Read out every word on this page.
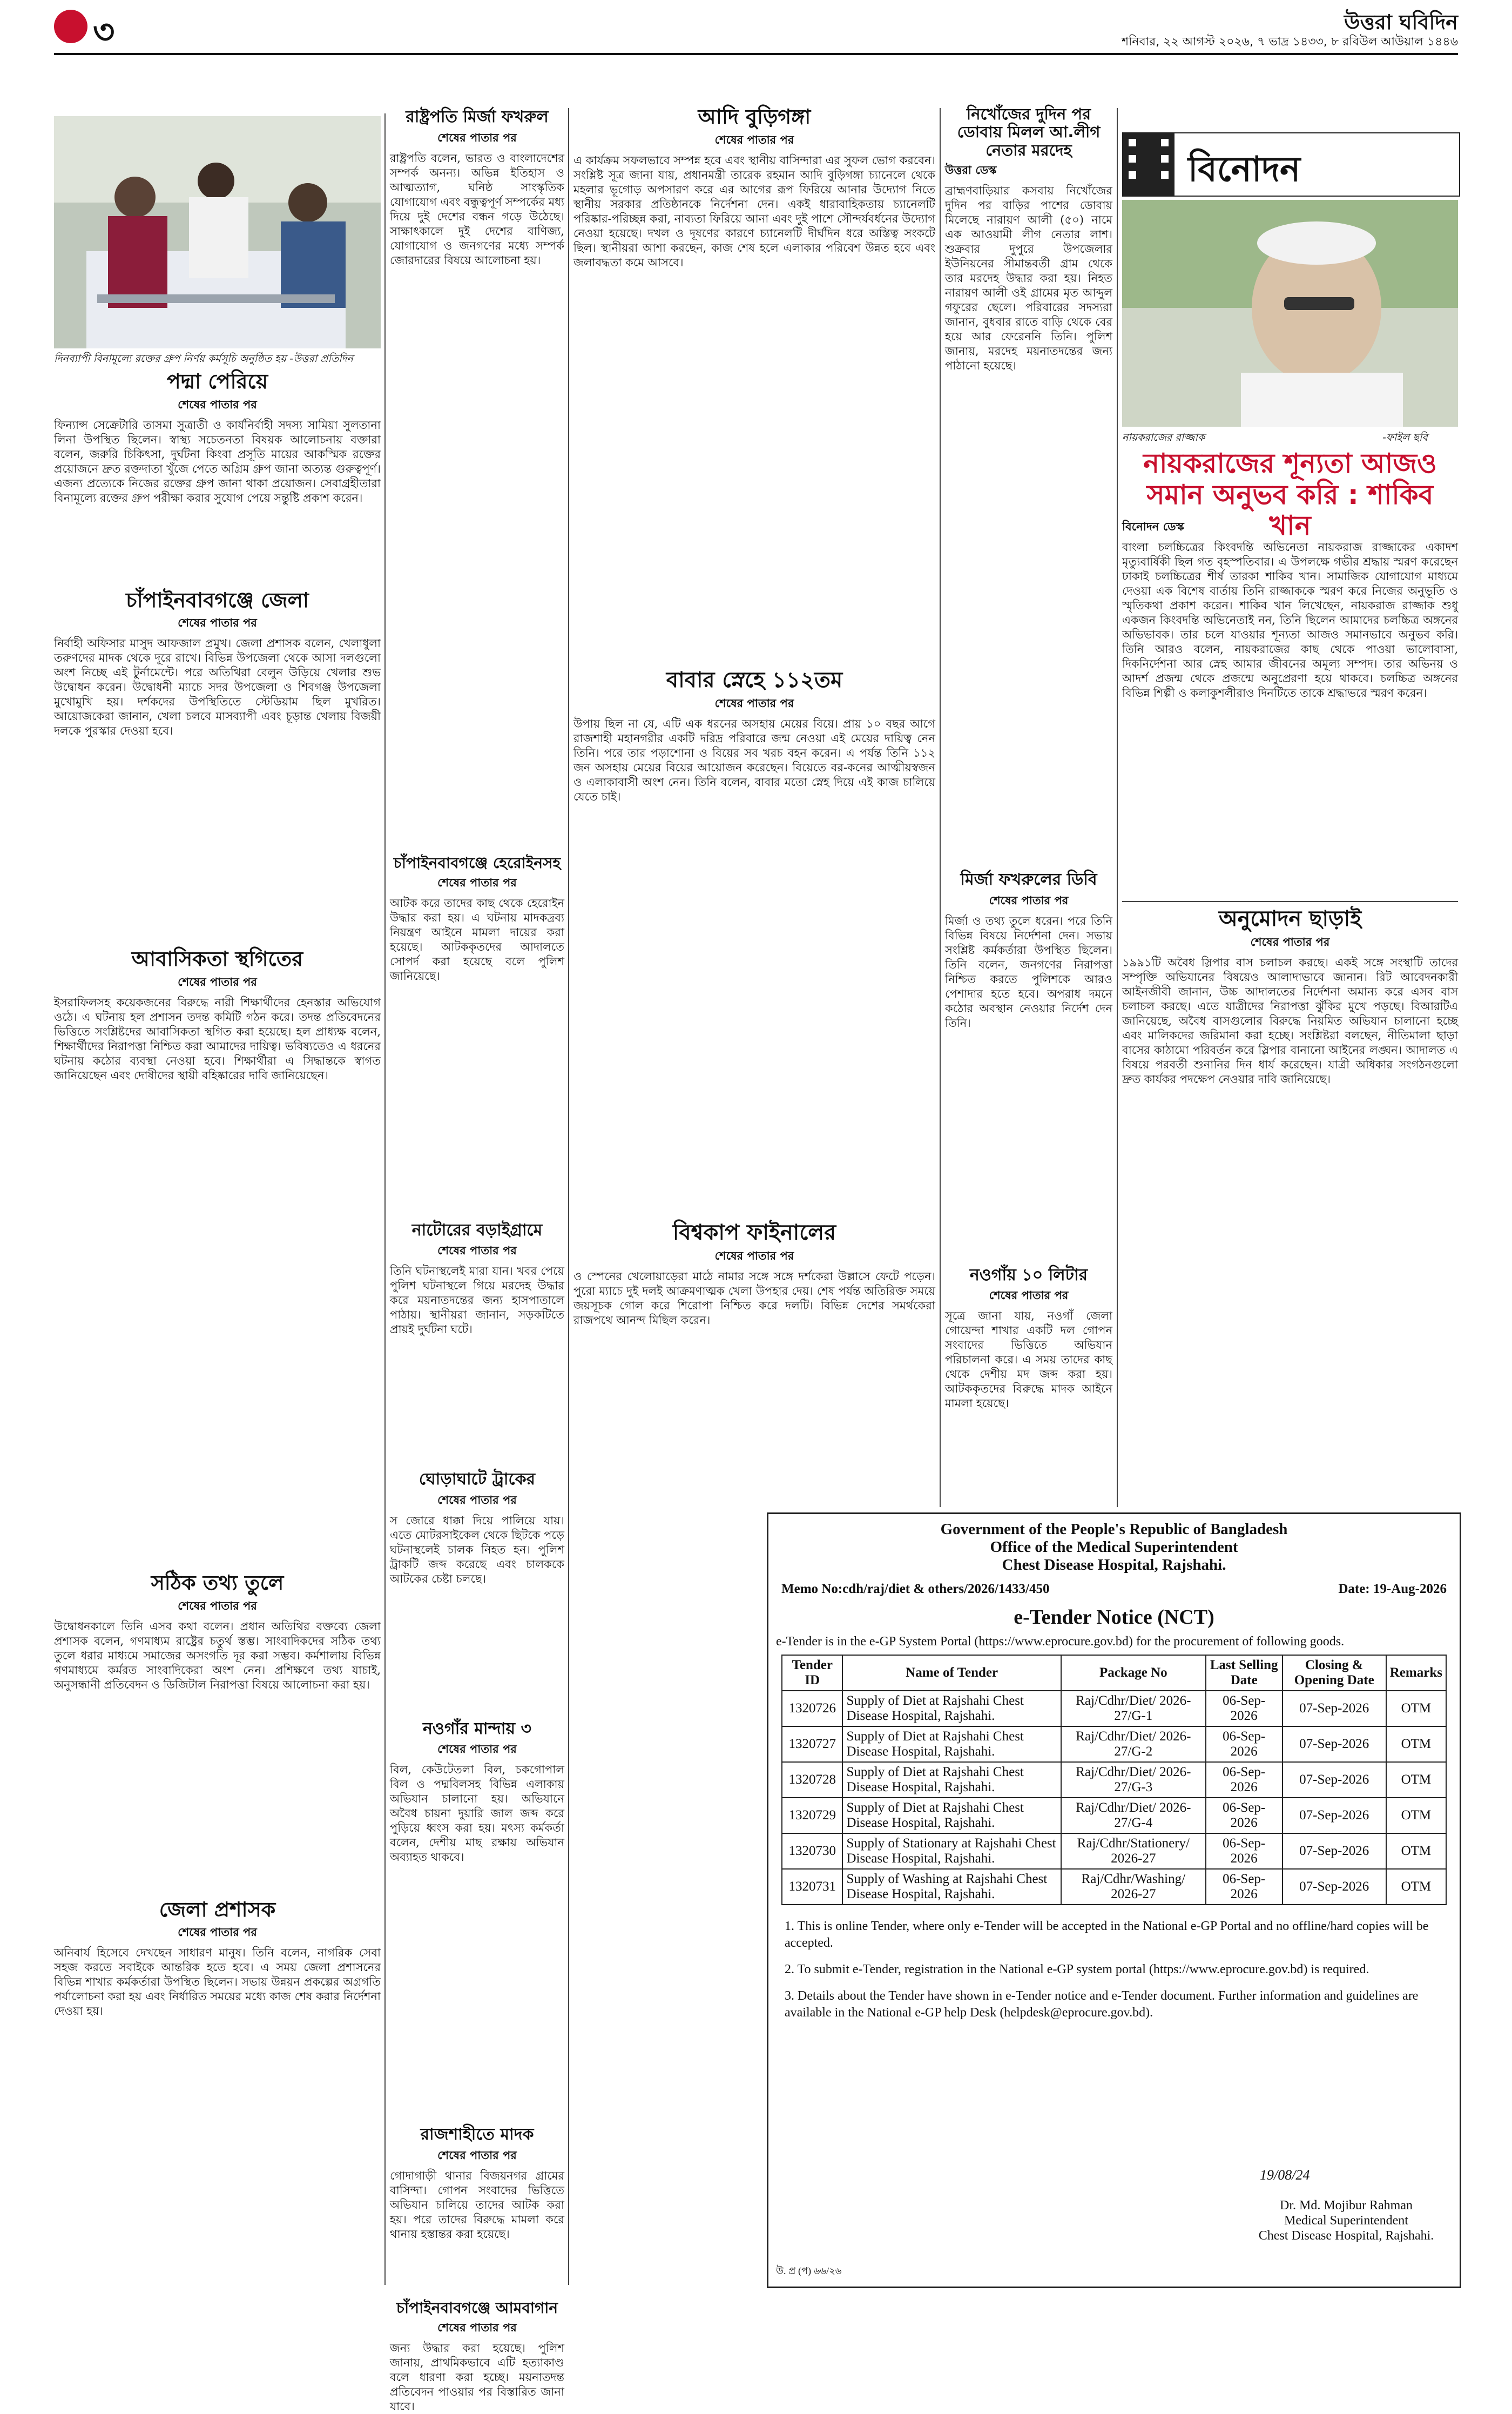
৩	উত্তরা ঘবিদিন
শনিবার, ২২ আগস্ট ২০২৬, ৭ ভাদ্র ১৪৩৩, ৮ রবিউল আউয়াল ১৪৪৬
দিনব্যাপী বিনামূল্যে রক্তের গ্রুপ নির্ণয় কর্মসূচি অনুষ্ঠিত হয় -উত্তরা প্রতিদিন
পদ্মা পেরিয়ে
শেষের পাতার পর
ফিন্যান্স সেক্রেটারি তাসমা সুত্রাতী ও কার্যনির্বাহী সদস্য সামিয়া সুলতানা লিনা উপস্থিত ছিলেন। স্বাস্থ্য সচেতনতা বিষয়ক আলোচনায় বক্তারা বলেন, জরুরি চিকিৎসা, দুর্ঘটনা কিংবা প্রসূতি মায়ের আকস্মিক রক্তের প্রয়োজনে দ্রুত রক্তদাতা খুঁজে পেতে অগ্রিম গ্রুপ জানা অত্যন্ত গুরুত্বপূর্ণ। এজন্য প্রত্যেকে নিজের রক্তের গ্রুপ জানা থাকা প্রয়োজন। সেবাগ্রহীতারা বিনামূল্যে রক্তের গ্রুপ পরীক্ষা করার সুযোগ পেয়ে সন্তুষ্টি প্রকাশ করেন।
চাঁপাইনবাবগঞ্জে জেলা
শেষের পাতার পর
নির্বাহী অফিসার মাসুদ আফজাল প্রমুখ। জেলা প্রশাসক বলেন, খেলাধুলা তরুণদের মাদক থেকে দূরে রাখে। বিভিন্ন উপজেলা থেকে আসা দলগুলো অংশ নিচ্ছে এই টুর্নামেন্টে। পরে অতিথিরা বেলুন উড়িয়ে খেলার শুভ উদ্বোধন করেন। উদ্বোধনী ম্যাচে সদর উপজেলা ও শিবগঞ্জ উপজেলা মুখোমুখি হয়। দর্শকদের উপস্থিতিতে স্টেডিয়াম ছিল মুখরিত। আয়োজকেরা জানান, খেলা চলবে মাসব্যাপী এবং চূড়ান্ত খেলায় বিজয়ী দলকে পুরস্কার দেওয়া হবে।
আবাসিকতা স্থগিতের
শেষের পাতার পর
ইসরাফিলসহ কয়েকজনের বিরুদ্ধে নারী শিক্ষার্থীদের হেনস্তার অভিযোগ ওঠে। এ ঘটনায় হল প্রশাসন তদন্ত কমিটি গঠন করে। তদন্ত প্রতিবেদনের ভিত্তিতে সংশ্লিষ্টদের আবাসিকতা স্থগিত করা হয়েছে। হল প্রাধ্যক্ষ বলেন, শিক্ষার্থীদের নিরাপত্তা নিশ্চিত করা আমাদের দায়িত্ব। ভবিষ্যতেও এ ধরনের ঘটনায় কঠোর ব্যবস্থা নেওয়া হবে। শিক্ষার্থীরা এ সিদ্ধান্তকে স্বাগত জানিয়েছেন এবং দোষীদের স্থায়ী বহিষ্কারের দাবি জানিয়েছেন।
সঠিক তথ্য তুলে
শেষের পাতার পর
উদ্বোধনকালে তিনি এসব কথা বলেন। প্রধান অতিথির বক্তব্যে জেলা প্রশাসক বলেন, গণমাধ্যম রাষ্ট্রের চতুর্থ স্তম্ভ। সাংবাদিকদের সঠিক তথ্য তুলে ধরার মাধ্যমে সমাজের অসংগতি দূর করা সম্ভব। কর্মশালায় বিভিন্ন গণমাধ্যমে কর্মরত সাংবাদিকেরা অংশ নেন। প্রশিক্ষণে তথ্য যাচাই, অনুসন্ধানী প্রতিবেদন ও ডিজিটাল নিরাপত্তা বিষয়ে আলোচনা করা হয়।
জেলা প্রশাসক
শেষের পাতার পর
অনিবার্য হিসেবে দেখছেন সাধারণ মানুষ। তিনি বলেন, নাগরিক সেবা সহজ করতে সবাইকে আন্তরিক হতে হবে। এ সময় জেলা প্রশাসনের বিভিন্ন শাখার কর্মকর্তারা উপস্থিত ছিলেন। সভায় উন্নয়ন প্রকল্পের অগ্রগতি পর্যালোচনা করা হয় এবং নির্ধারিত সময়ের মধ্যে কাজ শেষ করার নির্দেশনা দেওয়া হয়।
রাষ্ট্রপতি মির্জা ফখরুল
শেষের পাতার পর
রাষ্ট্রপতি বলেন, ভারত ও বাংলাদেশের সম্পর্ক অনন্য। অভিন্ন ইতিহাস ও আত্মত্যাগ, ঘনিষ্ঠ সাংস্কৃতিক যোগাযোগ এবং বন্ধুত্বপূর্ণ সম্পর্কের মধ্য দিয়ে দুই দেশের বন্ধন গড়ে উঠেছে। সাক্ষাৎকালে দুই দেশের বাণিজ্য, যোগাযোগ ও জনগণের মধ্যে সম্পর্ক জোরদারের বিষয়ে আলোচনা হয়।
চাঁপাইনবাবগঞ্জে হেরোইনসহ
শেষের পাতার পর
আটক করে তাদের কাছ থেকে হেরোইন উদ্ধার করা হয়। এ ঘটনায় মাদকদ্রব্য নিয়ন্ত্রণ আইনে মামলা দায়ের করা হয়েছে। আটককৃতদের আদালতে সোপর্দ করা হয়েছে বলে পুলিশ জানিয়েছে।
নাটোরের বড়াইগ্রামে
শেষের পাতার পর
তিনি ঘটনাস্থলেই মারা যান। খবর পেয়ে পুলিশ ঘটনাস্থলে গিয়ে মরদেহ উদ্ধার করে ময়নাতদন্তের জন্য হাসপাতালে পাঠায়। স্থানীয়রা জানান, সড়কটিতে প্রায়ই দুর্ঘটনা ঘটে।
ঘোড়াঘাটে ট্রাকের
শেষের পাতার পর
স জোরে ধাক্কা দিয়ে পালিয়ে যায়। এতে মোটরসাইকেল থেকে ছিটকে পড়ে ঘটনাস্থলেই চালক নিহত হন। পুলিশ ট্রাকটি জব্দ করেছে এবং চালককে আটকের চেষ্টা চলছে।
নওগাঁর মান্দায় ৩
শেষের পাতার পর
বিল, কেউটেতলা বিল, চকগোপাল বিল ও পদ্মবিলসহ বিভিন্ন এলাকায় অভিযান চালানো হয়। অভিযানে অবৈধ চায়না দুয়ারি জাল জব্দ করে পুড়িয়ে ধ্বংস করা হয়। মৎস্য কর্মকর্তা বলেন, দেশীয় মাছ রক্ষায় অভিযান অব্যাহত থাকবে।
রাজশাহীতে মাদক
শেষের পাতার পর
গোদাগাড়ী থানার বিজয়নগর গ্রামের বাসিন্দা। গোপন সংবাদের ভিত্তিতে অভিযান চালিয়ে তাদের আটক করা হয়। পরে তাদের বিরুদ্ধে মামলা করে থানায় হস্তান্তর করা হয়েছে।
চাঁপাইনবাবগঞ্জে আমবাগান
শেষের পাতার পর
জন্য উদ্ধার করা হয়েছে। পুলিশ জানায়, প্রাথমিকভাবে এটি হত্যাকাণ্ড বলে ধারণা করা হচ্ছে। ময়নাতদন্ত প্রতিবেদন পাওয়ার পর বিস্তারিত জানা যাবে।
আদি বুড়িগঙ্গা
শেষের পাতার পর
এ কার্যক্রম সফলভাবে সম্পন্ন হবে এবং স্থানীয় বাসিন্দারা এর সুফল ভোগ করবেন। সংশ্লিষ্ট সূত্র জানা যায়, প্রধানমন্ত্রী তারেক রহমান আদি বুড়িগঙ্গা চ্যানেলে থেকে মহলার ভূগোড় অপসারণ করে এর আগের রূপ ফিরিয়ে আনার উদ্যোগ নিতে স্থানীয় সরকার প্রতিষ্ঠানকে নির্দেশনা দেন। একই ধারাবাহিকতায় চ্যানেলটি পরিষ্কার-পরিচ্ছন্ন করা, নাব্যতা ফিরিয়ে আনা এবং দুই পাশে সৌন্দর্যবর্ধনের উদ্যোগ নেওয়া হয়েছে। দখল ও দূষণের কারণে চ্যানেলটি দীর্ঘদিন ধরে অস্তিত্ব সংকটে ছিল। স্থানীয়রা আশা করছেন, কাজ শেষ হলে এলাকার পরিবেশ উন্নত হবে এবং জলাবদ্ধতা কমে আসবে।
বাবার স্নেহে ১১২তম
শেষের পাতার পর
উপায় ছিল না যে, এটি এক ধরনের অসহায় মেয়ের বিয়ে। প্রায় ১০ বছর আগে রাজশাহী মহানগরীর একটি দরিদ্র পরিবারে জন্ম নেওয়া এই মেয়ের দায়িত্ব নেন তিনি। পরে তার পড়াশোনা ও বিয়ের সব খরচ বহন করেন। এ পর্যন্ত তিনি ১১২ জন অসহায় মেয়ের বিয়ের আয়োজন করেছেন। বিয়েতে বর-কনের আত্মীয়স্বজন ও এলাকাবাসী অংশ নেন। তিনি বলেন, বাবার মতো স্নেহ দিয়ে এই কাজ চালিয়ে যেতে চাই।
বিশ্বকাপ ফাইনালের
শেষের পাতার পর
ও স্পেনের খেলোয়াড়েরা মাঠে নামার সঙ্গে সঙ্গে দর্শকেরা উল্লাসে ফেটে পড়েন। পুরো ম্যাচে দুই দলই আক্রমণাত্মক খেলা উপহার দেয়। শেষ পর্যন্ত অতিরিক্ত সময়ে জয়সূচক গোল করে শিরোপা নিশ্চিত করে দলটি। বিভিন্ন দেশের সমর্থকেরা রাজপথে আনন্দ মিছিল করেন।
নিখোঁজের দুদিন পর ডোবায় মিলল আ.লীগ নেতার মরদেহ
উত্তরা ডেস্ক
ব্রাহ্মণবাড়িয়ার কসবায় নিখোঁজের দুদিন পর বাড়ির পাশের ডোবায় মিলেছে নারায়ণ আলী (৫০) নামে এক আওয়ামী লীগ নেতার লাশ। শুক্রবার দুপুরে উপজেলার ইউনিয়নের সীমান্তবর্তী গ্রাম থেকে তার মরদেহ উদ্ধার করা হয়। নিহত নারায়ণ আলী ওই গ্রামের মৃত আব্দুল গফুরের ছেলে। পরিবারের সদস্যরা জানান, বুধবার রাতে বাড়ি থেকে বের হয়ে আর ফেরেননি তিনি। পুলিশ জানায়, মরদেহ ময়নাতদন্তের জন্য পাঠানো হয়েছে।
মির্জা ফখরুলের ডিবি
শেষের পাতার পর
মির্জা ও তথ্য তুলে ধরেন। পরে তিনি বিভিন্ন বিষয়ে নির্দেশনা দেন। সভায় সংশ্লিষ্ট কর্মকর্তারা উপস্থিত ছিলেন। তিনি বলেন, জনগণের নিরাপত্তা নিশ্চিত করতে পুলিশকে আরও পেশাদার হতে হবে। অপরাধ দমনে কঠোর অবস্থান নেওয়ার নির্দেশ দেন তিনি।
নওগাঁয় ১০ লিটার
শেষের পাতার পর
সূত্রে জানা যায়, নওগাঁ জেলা গোয়েন্দা শাখার একটি দল গোপন সংবাদের ভিত্তিতে অভিযান পরিচালনা করে। এ সময় তাদের কাছ থেকে দেশীয় মদ জব্দ করা হয়। আটককৃতদের বিরুদ্ধে মাদক আইনে মামলা হয়েছে।
বিনোদন
নায়করাজের রাজ্জাক	-ফাইল ছবি
নায়করাজের শূন্যতা আজও সমান অনুভব করি : শাকিব খান
বিনোদন ডেস্ক
বাংলা চলচ্চিত্রের কিংবদন্তি অভিনেতা নায়করাজ রাজ্জাকের একাদশ মৃত্যুবার্ষিকী ছিল গত বৃহস্পতিবার। এ উপলক্ষে গভীর শ্রদ্ধায় স্মরণ করেছেন ঢাকাই চলচ্চিত্রের শীর্ষ তারকা শাকিব খান। সামাজিক যোগাযোগ মাধ্যমে দেওয়া এক বিশেষ বার্তায় তিনি রাজ্জাককে স্মরণ করে নিজের অনুভূতি ও স্মৃতিকথা প্রকাশ করেন। শাকিব খান লিখেছেন, নায়করাজ রাজ্জাক শুধু একজন কিংবদন্তি অভিনেতাই নন, তিনি ছিলেন আমাদের চলচ্চিত্র অঙ্গনের অভিভাবক। তার চলে যাওয়ার শূন্যতা আজও সমানভাবে অনুভব করি। তিনি আরও বলেন, নায়করাজের কাছ থেকে পাওয়া ভালোবাসা, দিকনির্দেশনা আর স্নেহ আমার জীবনের অমূল্য সম্পদ। তার অভিনয় ও আদর্শ প্রজন্ম থেকে প্রজন্মে অনুপ্রেরণা হয়ে থাকবে। চলচ্চিত্র অঙ্গনের বিভিন্ন শিল্পী ও কলাকুশলীরাও দিনটিতে তাকে শ্রদ্ধাভরে স্মরণ করেন।
অনুমোদন ছাড়াই
শেষের পাতার পর
১৯৯১টি অবৈধ স্লিপার বাস চলাচল করছে। একই সঙ্গে সংস্থাটি তাদের সম্পৃক্তি অভিযানের বিষয়েও আলাদাভাবে জানান। রিট আবেদনকারী আইনজীবী জানান, উচ্চ আদালতের নির্দেশনা অমান্য করে এসব বাস চলাচল করছে। এতে যাত্রীদের নিরাপত্তা ঝুঁকির মুখে পড়ছে। বিআরটিএ জানিয়েছে, অবৈধ বাসগুলোর বিরুদ্ধে নিয়মিত অভিযান চালানো হচ্ছে এবং মালিকদের জরিমানা করা হচ্ছে। সংশ্লিষ্টরা বলছেন, নীতিমালা ছাড়া বাসের কাঠামো পরিবর্তন করে স্লিপার বানানো আইনের লঙ্ঘন। আদালত এ বিষয়ে পরবর্তী শুনানির দিন ধার্য করেছেন। যাত্রী অধিকার সংগঠনগুলো দ্রুত কার্যকর পদক্ষেপ নেওয়ার দাবি জানিয়েছে।
Government of the People's Republic of Bangladesh
Office of the Medical Superintendent
Chest Disease Hospital, Rajshahi.
Memo No:cdh/raj/diet & others/2026/1433/450	Date: 19-Aug-2026
e-Tender Notice (NCT)
e-Tender is in the e-GP System Portal (https://www.eprocure.gov.bd) for the procurement of following goods.
Tender ID	Name of Tender	Package No	Last Selling Date	Closing & Opening Date	Remarks
1320726	Supply of Diet at Rajshahi Chest Disease Hospital, Rajshahi.	Raj/Cdhr/Diet/ 2026-27/G-1	06-Sep-2026	07-Sep-2026	OTM
1320727	Supply of Diet at Rajshahi Chest Disease Hospital, Rajshahi.	Raj/Cdhr/Diet/ 2026-27/G-2	06-Sep-2026	07-Sep-2026	OTM
1320728	Supply of Diet at Rajshahi Chest Disease Hospital, Rajshahi.	Raj/Cdhr/Diet/ 2026-27/G-3	06-Sep-2026	07-Sep-2026	OTM
1320729	Supply of Diet at Rajshahi Chest Disease Hospital, Rajshahi.	Raj/Cdhr/Diet/ 2026-27/G-4	06-Sep-2026	07-Sep-2026	OTM
1320730	Supply of Stationary at Rajshahi Chest Disease Hospital, Rajshahi.	Raj/Cdhr/Stationery/ 2026-27	06-Sep-2026	07-Sep-2026	OTM
1320731	Supply of Washing at Rajshahi Chest Disease Hospital, Rajshahi.	Raj/Cdhr/Washing/ 2026-27	06-Sep-2026	07-Sep-2026	OTM
1. This is online Tender, where only e-Tender will be accepted in the National e-GP Portal and no offline/hard copies will be accepted.
2. To submit e-Tender, registration in the National e-GP system portal (https://www.eprocure.gov.bd) is required.
3. Details about the Tender have shown in e-Tender notice and e-Tender document. Further information and guidelines are available in the National e-GP help Desk (helpdesk@eprocure.gov.bd).
উ. প্র (প) ৬৬/২৬
19/08/24
Dr. Md. Mojibur Rahman
Medical Superintendent
Chest Disease Hospital, Rajshahi.
